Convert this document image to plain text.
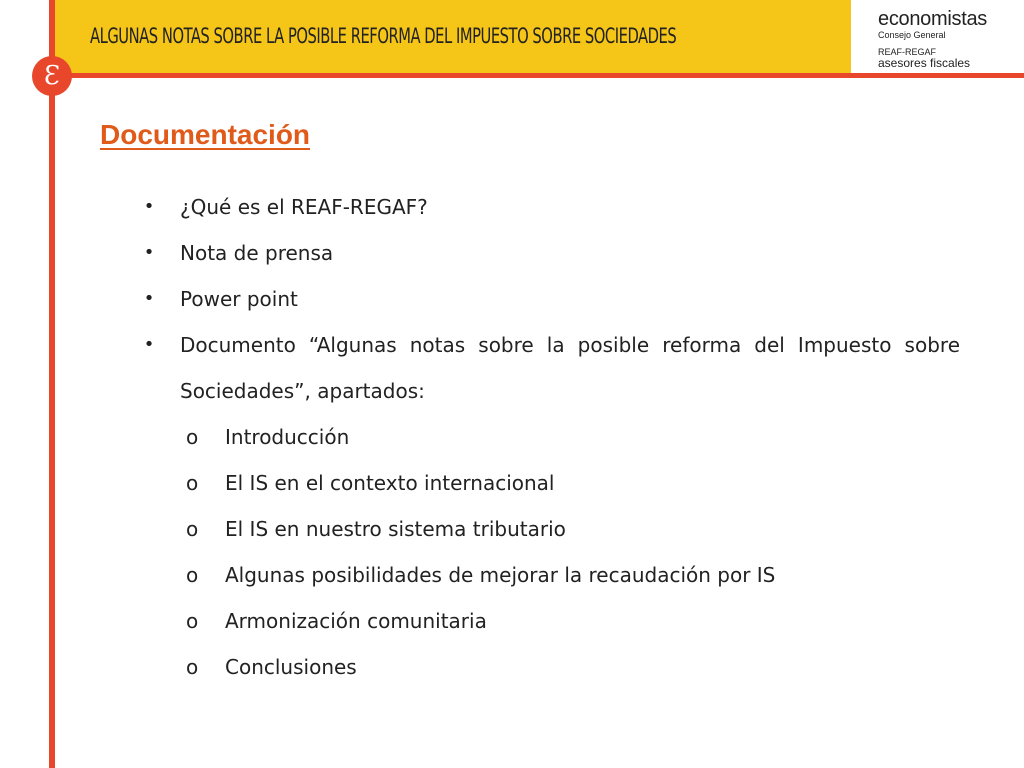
ALGUNAS NOTAS SOBRE LA POSIBLE REFORMA DEL IMPUESTO SOBRE SOCIEDADES
Ɛ
economistas
Consejo General
REAF-REGAF
asesores fiscales
Documentación
• ¿Qué es el REAF-REGAF?
• Nota de prensa
• Power point
• Documento “Algunas notas sobre la posible reforma del Impuesto sobre Sociedades”, apartados:
o Introducción
o El IS en el contexto internacional
o El IS en nuestro sistema tributario
o Algunas posibilidades de mejorar la recaudación por IS
o Armonización comunitaria
o Conclusiones
